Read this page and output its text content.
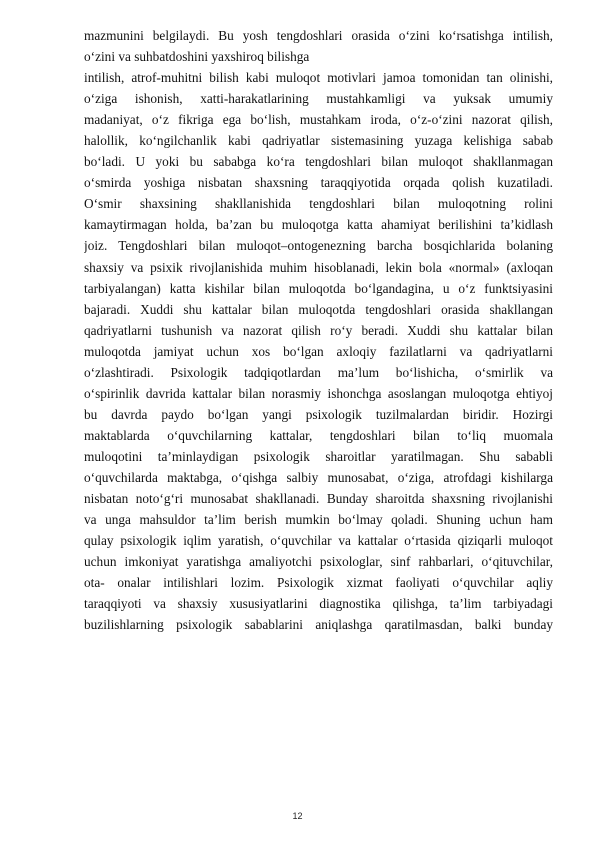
mazmunini belgilaydi. Bu yosh tengdoshlari orasida o‘zini ko‘rsatishga intilish,
o‘zini va suhbatdoshini yaxshiroq bilishga
intilish, atrof-muhitni bilish kabi muloqot motivlari jamoa tomonidan tan olinishi,
o‘ziga ishonish, xatti-harakatlarining mustahkamligi va yuksak umumiy
madaniyat, o‘z fikriga ega bo‘lish, mustahkam iroda, o‘z-o‘zini nazorat qilish,
halollik, ko‘ngilchanlik kabi qadriyatlar sistemasining yuzaga kelishiga sabab
bo‘ladi. U yoki bu sababga ko‘ra tengdoshlari bilan muloqot shakllanmagan
o‘smirda yoshiga nisbatan shaxsning taraqqiyotida orqada qolish kuzatiladi.
O‘smir shaxsining shakllanishida tengdoshlari bilan muloqotning rolini
kamaytirmagan holda, ba’zan bu muloqotga katta ahamiyat berilishini ta’kidlash
joiz. Tengdoshlari bilan muloqot–ontogenezning barcha bosqichlarida bolaning
shaxsiy va psixik rivojlanishida muhim hisoblanadi, lekin bola «normal» (axloqan
tarbiyalangan) katta kishilar bilan muloqotda bo‘lgandagina, u o‘z funktsiyasini
bajaradi. Xuddi shu kattalar bilan muloqotda tengdoshlari orasida shakllangan
qadriyatlarni tushunish va nazorat qilish ro‘y beradi. Xuddi shu kattalar bilan
muloqotda jamiyat uchun xos bo‘lgan axloqiy fazilatlarni va qadriyatlarni
o‘zlashtiradi. Psixologik tadqiqotlardan ma’lum bo‘lishicha, o‘smirlik va
o‘spirinlik davrida kattalar bilan norasmiy ishonchga asoslangan muloqotga ehtiyoj
bu davrda paydo bo‘lgan yangi psixologik tuzilmalardan biridir. Hozirgi
maktablarda o‘quvchilarning kattalar, tengdoshlari bilan to‘liq muomala
muloqotini ta’minlaydigan psixologik sharoitlar yaratilmagan. Shu sababli
o‘quvchilarda maktabga, o‘qishga salbiy munosabat, o‘ziga, atrofdagi kishilarga
nisbatan noto‘g‘ri munosabat shakllanadi. Bunday sharoitda shaxsning rivojlanishi
va unga mahsuldor ta’lim berish mumkin bo‘lmay qoladi. Shuning uchun ham
qulay psixologik iqlim yaratish, o‘quvchilar va kattalar o‘rtasida qiziqarli muloqot
uchun imkoniyat yaratishga amaliyotchi psixologlar, sinf rahbarlari, o‘qituvchilar,
ota- onalar intilishlari lozim. Psixologik xizmat faoliyati o‘quvchilar aqliy
taraqqiyoti va shaxsiy xususiyatlarini diagnostika qilishga, ta’lim tarbiyadagi
buzilishlarning psixologik sabablarini aniqlashga qaratilmasdan, balki bunday
12
